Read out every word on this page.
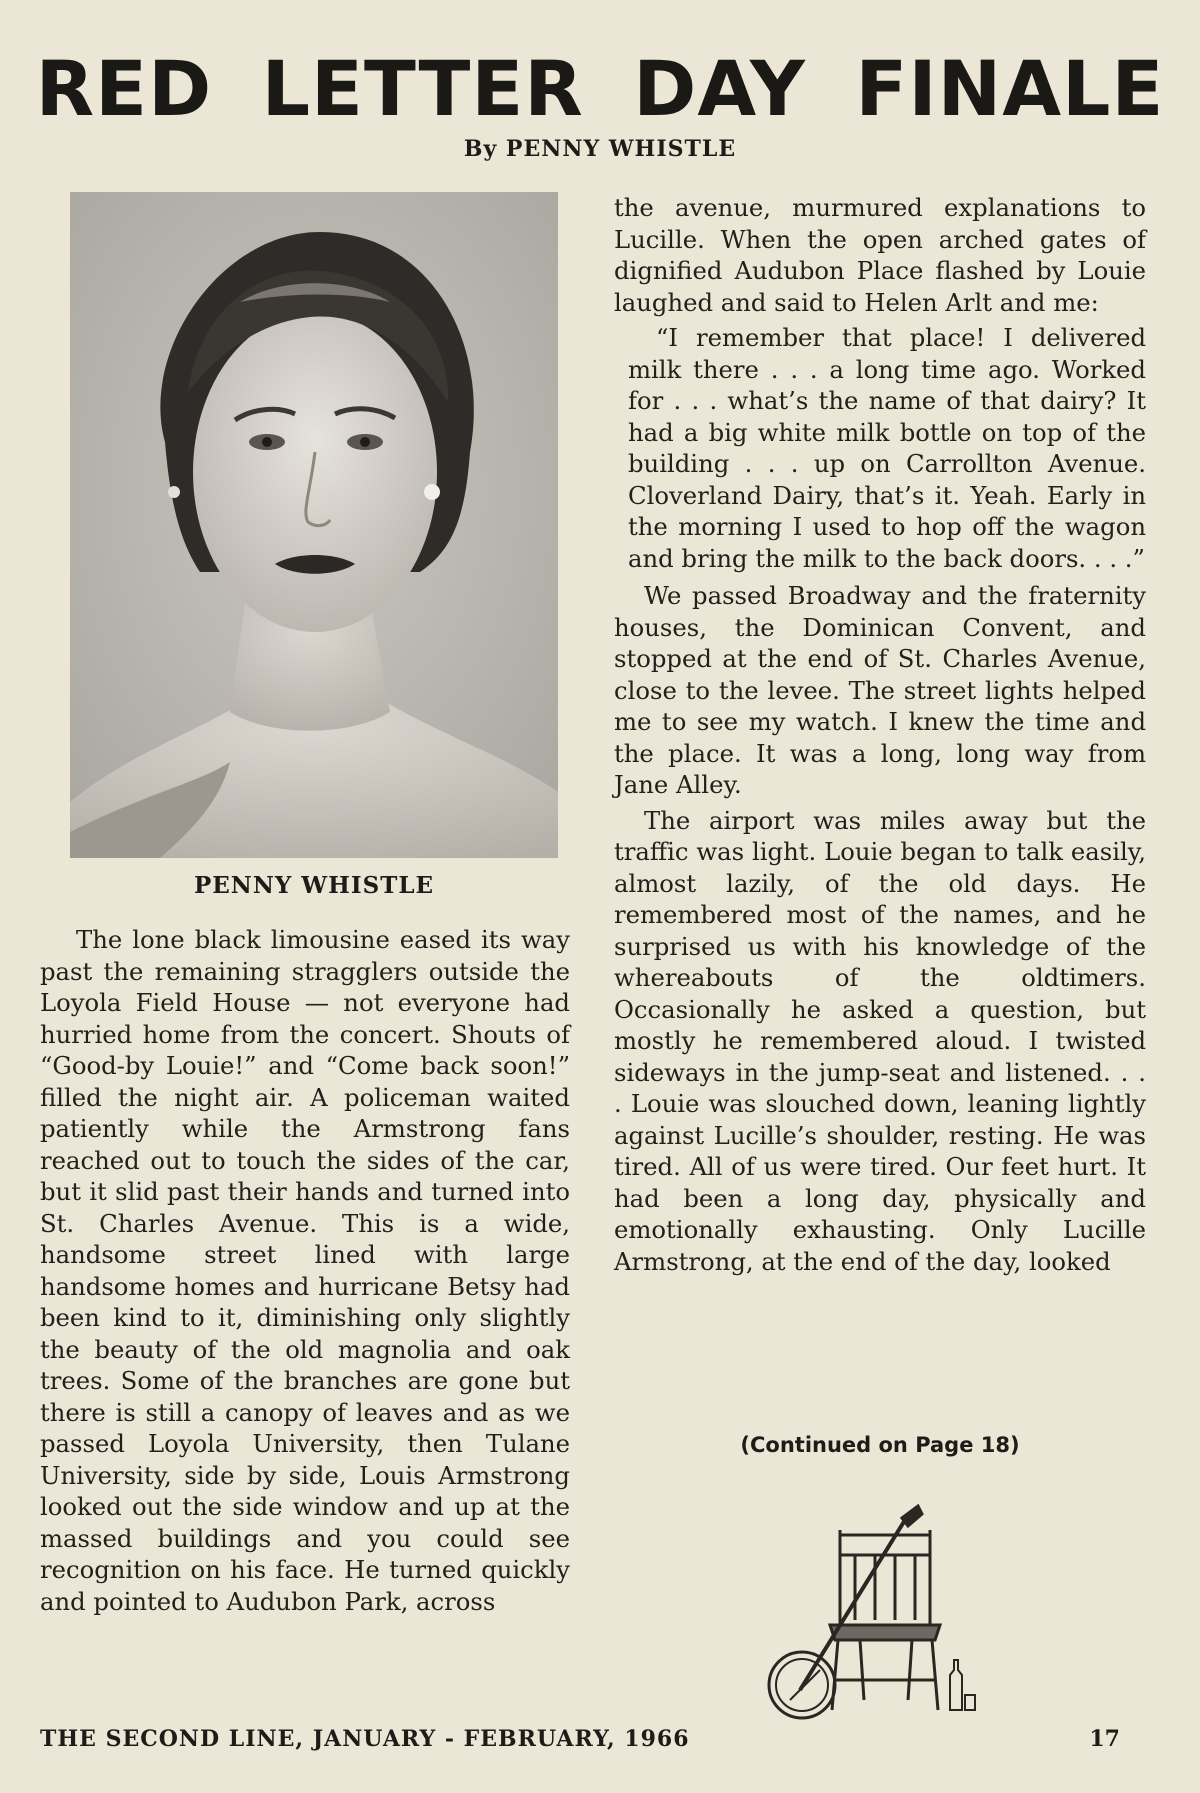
RED LETTER DAY FINALE
By PENNY WHISTLE
PENNY WHISTLE

The lone black limousine eased its way past the remaining stragglers outside the Loyola Field House — not everyone had hurried home from the concert. Shouts of “Good-by Louie!” and “Come back soon!” filled the night air. A policeman waited patiently while the Armstrong fans reached out to touch the sides of the car, but it slid past their hands and turned into St. Charles Avenue. This is a wide, handsome street lined with large handsome homes and hurricane Betsy had been kind to it, diminishing only slightly the beauty of the old magnolia and oak trees. Some of the branches are gone but there is still a canopy of leaves and as we passed Loyola University, then Tulane University, side by side, Louis Armstrong looked out the side window and up at the massed buildings and you could see recognition on his face. He turned quickly and pointed to Audubon Park, across

the avenue, murmured explanations to Lucille. When the open arched gates of dignified Audubon Place flashed by Louie laughed and said to Helen Arlt and me:

“I remember that place! I delivered milk there . . . a long time ago. Worked for . . . what’s the name of that dairy? It had a big white milk bottle on top of the building . . . up on Carrollton Avenue. Cloverland Dairy, that’s it. Yeah. Early in the morning I used to hop off the wagon and bring the milk to the back doors. . . .”

We passed Broadway and the fraternity houses, the Dominican Convent, and stopped at the end of St. Charles Avenue, close to the levee. The street lights helped me to see my watch. I knew the time and the place. It was a long, long way from Jane Alley.

The airport was miles away but the traffic was light. Louie began to talk easily, almost lazily, of the old days. He remembered most of the names, and he surprised us with his knowledge of the whereabouts of the oldtimers. Occasionally he asked a question, but mostly he remembered aloud. I twisted sideways in the jump-seat and listened. . . . Louie was slouched down, leaning lightly against Lucille’s shoulder, resting. He was tired. All of us were tired. Our feet hurt. It had been a long day, physically and emotionally exhausting. Only Lucille Armstrong, at the end of the day, looked

(Continued on Page 18)
THE SECOND LINE, JANUARY - FEBRUARY, 1966	17
